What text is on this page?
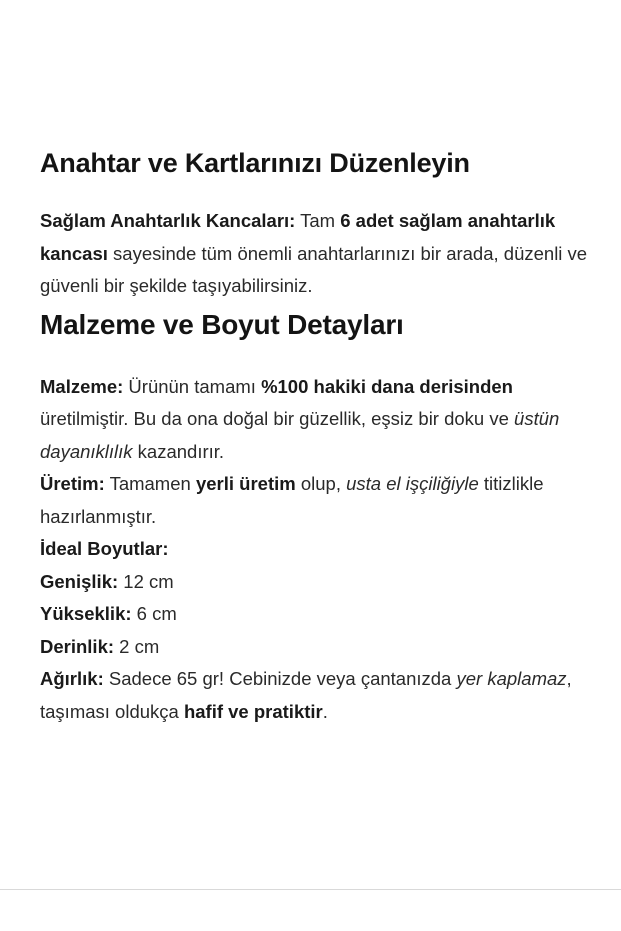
Anahtar ve Kartlarınızı Düzenleyin

Sağlam Anahtarlık Kancaları: Tam 6 adet sağlam anahtarlık kancası sayesinde tüm önemli anahtarlarınızı bir arada, düzenli ve güvenli bir şekilde taşıyabilirsiniz.

Malzeme ve Boyut Detayları

Malzeme: Ürünün tamamı %100 hakiki dana derisinden üretilmiştir. Bu da ona doğal bir güzellik, eşsiz bir doku ve üstün dayanıklılık kazandırır.

Üretim: Tamamen yerli üretim olup, usta el işçiliğiyle titizlikle hazırlanmıştır.

İdeal Boyutlar:

Genişlik: 12 cm

Yükseklik: 6 cm

Derinlik: 2 cm

Ağırlık: Sadece 65 gr! Cebinizde veya çantanızda yer kaplamaz, taşıması oldukça hafif ve pratiktir.
